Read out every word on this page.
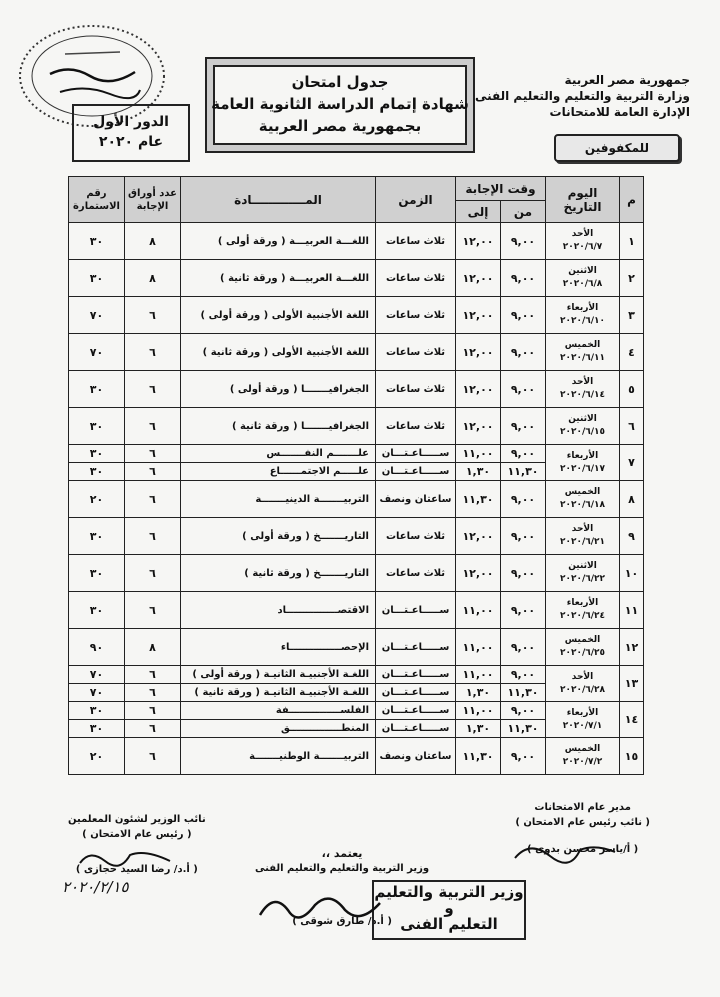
جمهورية مصر العربية
وزارة التربية والتعليم والتعليم الفنى
الإدارة العامة للامتحانات
للمكفوفين
جدول امتحان
شهادة إتمام الدراسة الثانوية العامة
بجمهورية مصر العربية
الدور الأول
عام ٢٠٢٠
م	اليوم
التاريخ	وقت الإجابة		الزمن	المـــــــــــــادة	عدد أوراق الإجابة	رقم الاستمارة
		من	إلى				
١	الأحد
٢٠٢٠/٦/٧	٩,٠٠	١٢,٠٠	ثلاث ساعات	اللغـــة العربيـــة ( ورقة أولى )	٨	٣٠
٢	الاثنين
٢٠٢٠/٦/٨	٩,٠٠	١٢,٠٠	ثلاث ساعات	اللغـــة العربيـــة ( ورقة ثانية )	٨	٣٠
٣	الأربعاء
٢٠٢٠/٦/١٠	٩,٠٠	١٢,٠٠	ثلاث ساعات	اللغة الأجنبية الأولى ( ورقة أولى )	٦	٧٠
٤	الخميس
٢٠٢٠/٦/١١	٩,٠٠	١٢,٠٠	ثلاث ساعات	اللغة الأجنبية الأولى ( ورقة ثانية )	٦	٧٠
٥	الأحد
٢٠٢٠/٦/١٤	٩,٠٠	١٢,٠٠	ثلاث ساعات	الجغرافيـــــــا ( ورقة أولى )	٦	٣٠
٦	الاثنين
٢٠٢٠/٦/١٥	٩,٠٠	١٢,٠٠	ثلاث ساعات	الجغرافيـــــــا ( ورقة ثانية )	٦	٣٠
٧	الأربعاء
٢٠٢٠/٦/١٧	٩,٠٠	١١,٠٠	ســـــاعـتـــان	علـــــــم النفـــــــس	٦	٣٠
		١١,٣٠	١,٣٠	ســـــاعـتـــان	علـــــم الاجتمــــــاع	٦	٣٠
٨	الخميس
٢٠٢٠/٦/١٨	٩,٠٠	١١,٣٠	ساعتان ونصف	التربيـــــــة الدينيـــــــة	٦	٢٠
٩	الأحد
٢٠٢٠/٦/٢١	٩,٠٠	١٢,٠٠	ثلاث ساعات	التاريـــــــخ ( ورقة أولى )	٦	٣٠
١٠	الاثنين
٢٠٢٠/٦/٢٢	٩,٠٠	١٢,٠٠	ثلاث ساعات	التاريـــــــخ ( ورقة ثانية )	٦	٣٠
١١	الأربعاء
٢٠٢٠/٦/٢٤	٩,٠٠	١١,٠٠	ســـــاعـتـــان	الاقتصـــــــــــــــاد	٦	٣٠
١٢	الخميس
٢٠٢٠/٦/٢٥	٩,٠٠	١١,٠٠	ســـــاعـتـــان	الإحصـــــــــــــــاء	٨	٩٠
١٣	الأحد
٢٠٢٠/٦/٢٨	٩,٠٠	١١,٠٠	ســـــاعـتـــان	اللغـة الأجنبيـة الثانيـة ( ورقة أولى )	٦	٧٠
		١١,٣٠	١,٣٠	ســـــاعـتـــان	اللغـة الأجنبيـة الثانيـة ( ورقة ثانية )	٦	٧٠
١٤	الأربعاء
٢٠٢٠/٧/١	٩,٠٠	١١,٠٠	ســـــاعـتـــان	الفلســـــــــــــــفة	٦	٣٠
		١١,٣٠	١,٣٠	ســـــاعـتـــان	المنطـــــــــــــــق	٦	٣٠
١٥	الخميس
٢٠٢٠/٧/٢	٩,٠٠	١١,٣٠	ساعتان ونصف	التربيـــــــة الوطنيـــــــة	٦	٢٠
مدير عام الامتحانات
( نائب رئيس عام الامتحان )
( أ/ياسر محسن بدوى )
نائب الوزير لشئون المعلمين
( رئيس عام الامتحان )
( أ.د/ رضا السيد حجازى )
٢٠٢٠/٢/١٥
يعتمد ،،
وزير التربية والتعليم والتعليم الفنى
( أ.د/ طارق شوقى )
وزير التربية والتعليم
و
التعليم الفنى
